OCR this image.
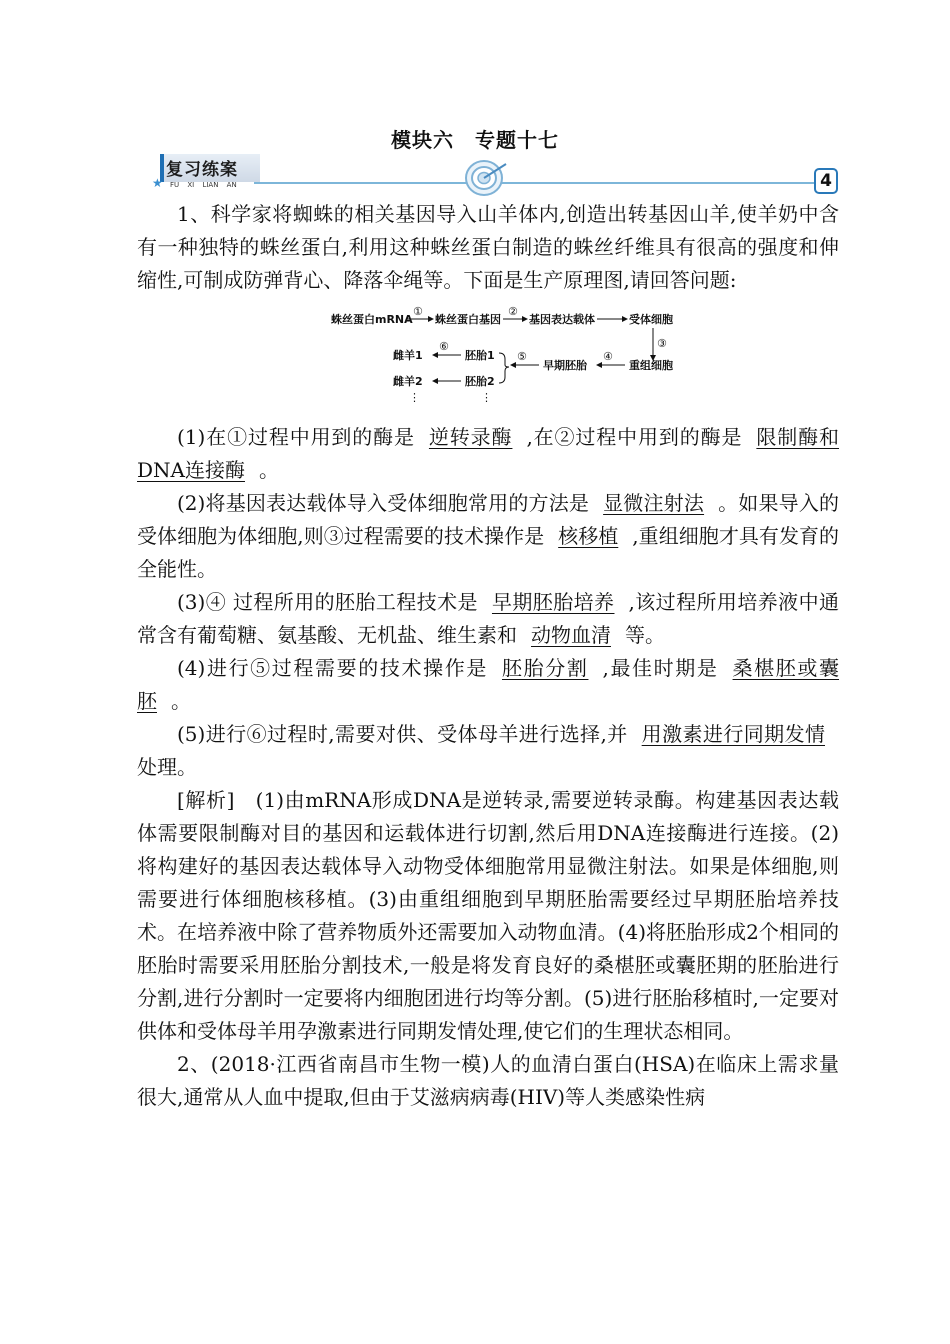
模块六　专题十七
★
复习练案
FU XI LIAN AN	4

1、科学家将蜘蛛的相关基因导入山羊体内,创造出转基因山羊,使羊奶中含有一种独特的蛛丝蛋白,利用这种蛛丝蛋白制造的蛛丝纤维具有很高的强度和伸缩性,可制成防弹背心、降落伞绳等。下面是生产原理图,请回答问题:

蛛丝蛋白mRNA
①
蛛丝蛋白基因
②
基因表达载体	受体细胞
③
重组细胞
④
早期胚胎
⑤
胚胎1
胚胎2
⑥
雌羊1
雌羊2
⋮	⋮

(1)在①过程中用到的酶是 逆转录酶 ,在②过程中用到的酶是 限制酶和DNA连接酶 。

(2)将基因表达载体导入受体细胞常用的方法是 显微注射法 。如果导入的受体细胞为体细胞,则③过程需要的技术操作是 核移植 ,重组细胞才具有发育的全能性。

(3)④ 过程所用的胚胎工程技术是 早期胚胎培养 ,该过程所用培养液中通常含有葡萄糖、氨基酸、无机盐、维生素和 动物血清 等。

(4)进行⑤过程需要的技术操作是 胚胎分割 ,最佳时期是 桑椹胚或囊胚 。

(5)进行⑥过程时,需要对供、受体母羊进行选择,并 用激素进行同期发情处理。

[解析]　(1)由mRNA形成DNA是逆转录,需要逆转录酶。构建基因表达载体需要限制酶对目的基因和运载体进行切割,然后用DNA连接酶进行连接。(2)将构建好的基因表达载体导入动物受体细胞常用显微注射法。如果是体细胞,则需要进行体细胞核移植。(3)由重组细胞到早期胚胎需要经过早期胚胎培养技术。在培养液中除了营养物质外还需要加入动物血清。(4)将胚胎形成2个相同的胚胎时需要采用胚胎分割技术,一般是将发育良好的桑椹胚或囊胚期的胚胎进行分割,进行分割时一定要将内细胞团进行均等分割。(5)进行胚胎移植时,一定要对供体和受体母羊用孕激素进行同期发情处理,使它们的生理状态相同。

2、(2018·江西省南昌市生物一模)人的血清白蛋白(HSA)在临床上需求量很大,通常从人血中提取,但由于艾滋病病毒(HIV)等人类感染性病
